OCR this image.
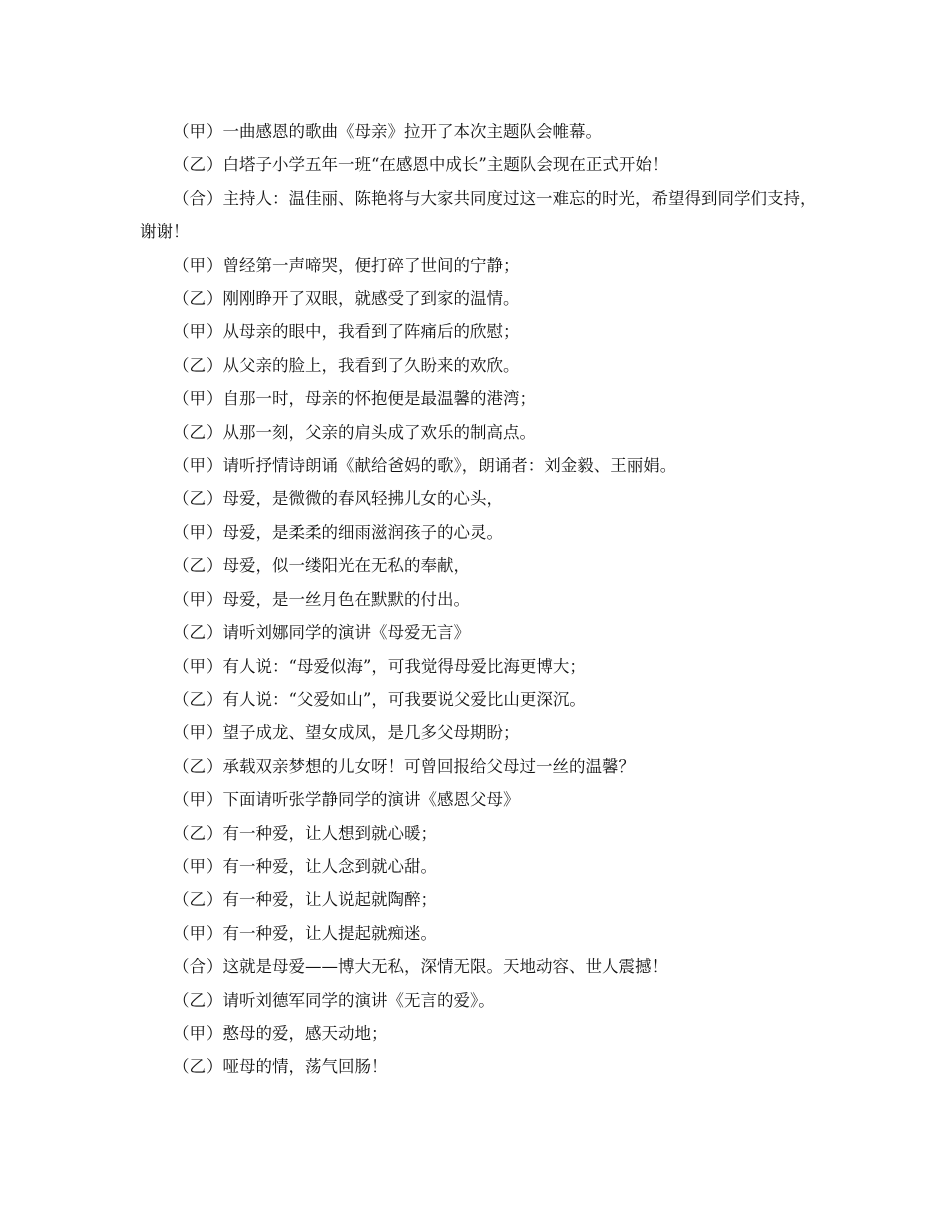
（甲）一曲感恩的歌曲《母亲》拉开了本次主题队会帷幕。

（乙）白塔子小学五年一班“在感恩中成长”主题队会现在正式开始！

（合）主持人：温佳丽、陈艳将与大家共同度过这一难忘的时光，希望得到同学们支持，谢谢！

（甲）曾经第一声啼哭，便打碎了世间的宁静；

（乙）刚刚睁开了双眼，就感受了到家的温情。

（甲）从母亲的眼中，我看到了阵痛后的欣慰；

（乙）从父亲的脸上，我看到了久盼来的欢欣。

（甲）自那一时，母亲的怀抱便是最温馨的港湾；

（乙）从那一刻，父亲的肩头成了欢乐的制高点。

（甲）请听抒情诗朗诵《献给爸妈的歌》，朗诵者：刘金毅、王丽娟。

（乙）母爱，是微微的春风轻拂儿女的心头，

（甲）母爱，是柔柔的细雨滋润孩子的心灵。

（乙）母爱，似一缕阳光在无私的奉献，

（甲）母爱，是一丝月色在默默的付出。

（乙）请听刘娜同学的演讲《母爱无言》

（甲）有人说：“母爱似海”，可我觉得母爱比海更博大；

（乙）有人说：“父爱如山”，可我要说父爱比山更深沉。

（甲）望子成龙、望女成凤，是几多父母期盼；

（乙）承载双亲梦想的儿女呀！可曾回报给父母过一丝的温馨？

（甲）下面请听张学静同学的演讲《感恩父母》

（乙）有一种爱，让人想到就心暖；

（甲）有一种爱，让人念到就心甜。

（乙）有一种爱，让人说起就陶醉；

（甲）有一种爱，让人提起就痴迷。

（合）这就是母爱——博大无私，深情无限。天地动容、世人震撼！

（乙）请听刘德军同学的演讲《无言的爱》。

（甲）憨母的爱，感天动地；

（乙）哑母的情，荡气回肠！
